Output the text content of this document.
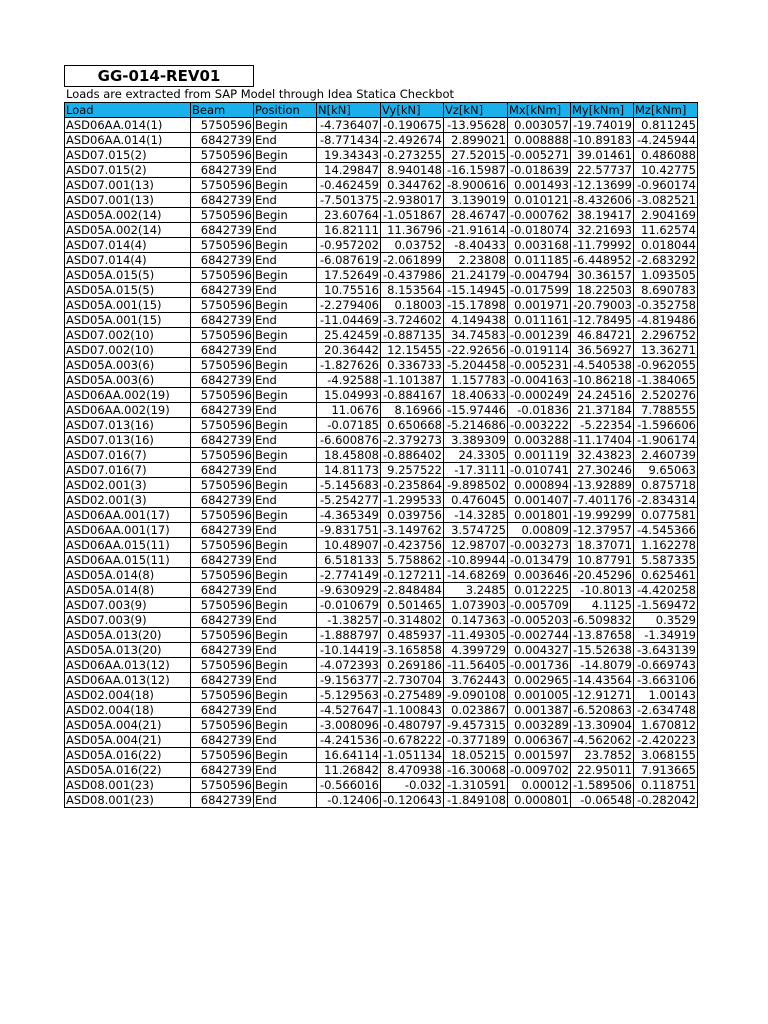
GG-014-REV01
Loads are extracted from SAP Model through Idea Statica Checkbot
Load	Beam	Position	N[kN]	Vy[kN]	Vz[kN]	Mx[kNm]	My[kNm]	Mz[kNm]
ASD06AA.014(1)	5750596	Begin	-4.736407	-0.190675	-13.95628	0.003057	-19.74019	0.811245
ASD06AA.014(1)	6842739	End	-8.771434	-2.492674	2.899021	0.008888	-10.89183	-4.245944
ASD07.015(2)	5750596	Begin	19.34343	-0.273255	27.52015	-0.005271	39.01461	0.486088
ASD07.015(2)	6842739	End	14.29847	8.940148	-16.15987	-0.018639	22.57737	10.42775
ASD07.001(13)	5750596	Begin	-0.462459	0.344762	-8.900616	0.001493	-12.13699	-0.960174
ASD07.001(13)	6842739	End	-7.501375	-2.938017	3.139019	0.010121	-8.432606	-3.082521
ASD05A.002(14)	5750596	Begin	23.60764	-1.051867	28.46747	-0.000762	38.19417	2.904169
ASD05A.002(14)	6842739	End	16.82111	11.36796	-21.91614	-0.018074	32.21693	11.62574
ASD07.014(4)	5750596	Begin	-0.957202	0.03752	-8.40433	0.003168	-11.79992	0.018044
ASD07.014(4)	6842739	End	-6.087619	-2.061899	2.23808	0.011185	-6.448952	-2.683292
ASD05A.015(5)	5750596	Begin	17.52649	-0.437986	21.24179	-0.004794	30.36157	1.093505
ASD05A.015(5)	6842739	End	10.75516	8.153564	-15.14945	-0.017599	18.22503	8.690783
ASD05A.001(15)	5750596	Begin	-2.279406	0.18003	-15.17898	0.001971	-20.79003	-0.352758
ASD05A.001(15)	6842739	End	-11.04469	-3.724602	4.149438	0.011161	-12.78495	-4.819486
ASD07.002(10)	5750596	Begin	25.42459	-0.887135	34.74583	-0.001239	46.84721	2.296752
ASD07.002(10)	6842739	End	20.36442	12.15455	-22.92656	-0.019114	36.56927	13.36271
ASD05A.003(6)	5750596	Begin	-1.827626	0.336733	-5.204458	-0.005231	-4.540538	-0.962055
ASD05A.003(6)	6842739	End	-4.92588	-1.101387	1.157783	-0.004163	-10.86218	-1.384065
ASD06AA.002(19)	5750596	Begin	15.04993	-0.884167	18.40633	-0.000249	24.24516	2.520276
ASD06AA.002(19)	6842739	End	11.0676	8.16966	-15.97446	-0.01836	21.37184	7.788555
ASD07.013(16)	5750596	Begin	-0.07185	0.650668	-5.214686	-0.003222	-5.22354	-1.596606
ASD07.013(16)	6842739	End	-6.600876	-2.379273	3.389309	0.003288	-11.17404	-1.906174
ASD07.016(7)	5750596	Begin	18.45808	-0.886402	24.3305	0.001119	32.43823	2.460739
ASD07.016(7)	6842739	End	14.81173	9.257522	-17.3111	-0.010741	27.30246	9.65063
ASD02.001(3)	5750596	Begin	-5.145683	-0.235864	-9.898502	0.000894	-13.92889	0.875718
ASD02.001(3)	6842739	End	-5.254277	-1.299533	0.476045	0.001407	-7.401176	-2.834314
ASD06AA.001(17)	5750596	Begin	-4.365349	0.039756	-14.3285	0.001801	-19.99299	0.077581
ASD06AA.001(17)	6842739	End	-9.831751	-3.149762	3.574725	0.00809	-12.37957	-4.545366
ASD06AA.015(11)	5750596	Begin	10.48907	-0.423756	12.98707	-0.003273	18.37071	1.162278
ASD06AA.015(11)	6842739	End	6.518133	5.758862	-10.89944	-0.013479	10.87791	5.587335
ASD05A.014(8)	5750596	Begin	-2.774149	-0.127211	-14.68269	0.003646	-20.45296	0.625461
ASD05A.014(8)	6842739	End	-9.630929	-2.848484	3.2485	0.012225	-10.8013	-4.420258
ASD07.003(9)	5750596	Begin	-0.010679	0.501465	1.073903	-0.005709	4.1125	-1.569472
ASD07.003(9)	6842739	End	-1.38257	-0.314802	0.147363	-0.005203	-6.509832	0.3529
ASD05A.013(20)	5750596	Begin	-1.888797	0.485937	-11.49305	-0.002744	-13.87658	-1.34919
ASD05A.013(20)	6842739	End	-10.14419	-3.165858	4.399729	0.004327	-15.52638	-3.643139
ASD06AA.013(12)	5750596	Begin	-4.072393	0.269186	-11.56405	-0.001736	-14.8079	-0.669743
ASD06AA.013(12)	6842739	End	-9.156377	-2.730704	3.762443	0.002965	-14.43564	-3.663106
ASD02.004(18)	5750596	Begin	-5.129563	-0.275489	-9.090108	0.001005	-12.91271	1.00143
ASD02.004(18)	6842739	End	-4.527647	-1.100843	0.023867	0.001387	-6.520863	-2.634748
ASD05A.004(21)	5750596	Begin	-3.008096	-0.480797	-9.457315	0.003289	-13.30904	1.670812
ASD05A.004(21)	6842739	End	-4.241536	-0.678222	-0.377189	0.006367	-4.562062	-2.420223
ASD05A.016(22)	5750596	Begin	16.64114	-1.051134	18.05215	0.001597	23.7852	3.068155
ASD05A.016(22)	6842739	End	11.26842	8.470938	-16.30068	-0.009702	22.95011	7.913665
ASD08.001(23)	5750596	Begin	-0.566016	-0.032	-1.310591	0.00012	-1.589506	0.118751
ASD08.001(23)	6842739	End	-0.12406	-0.120643	-1.849108	0.000801	-0.06548	-0.282042
